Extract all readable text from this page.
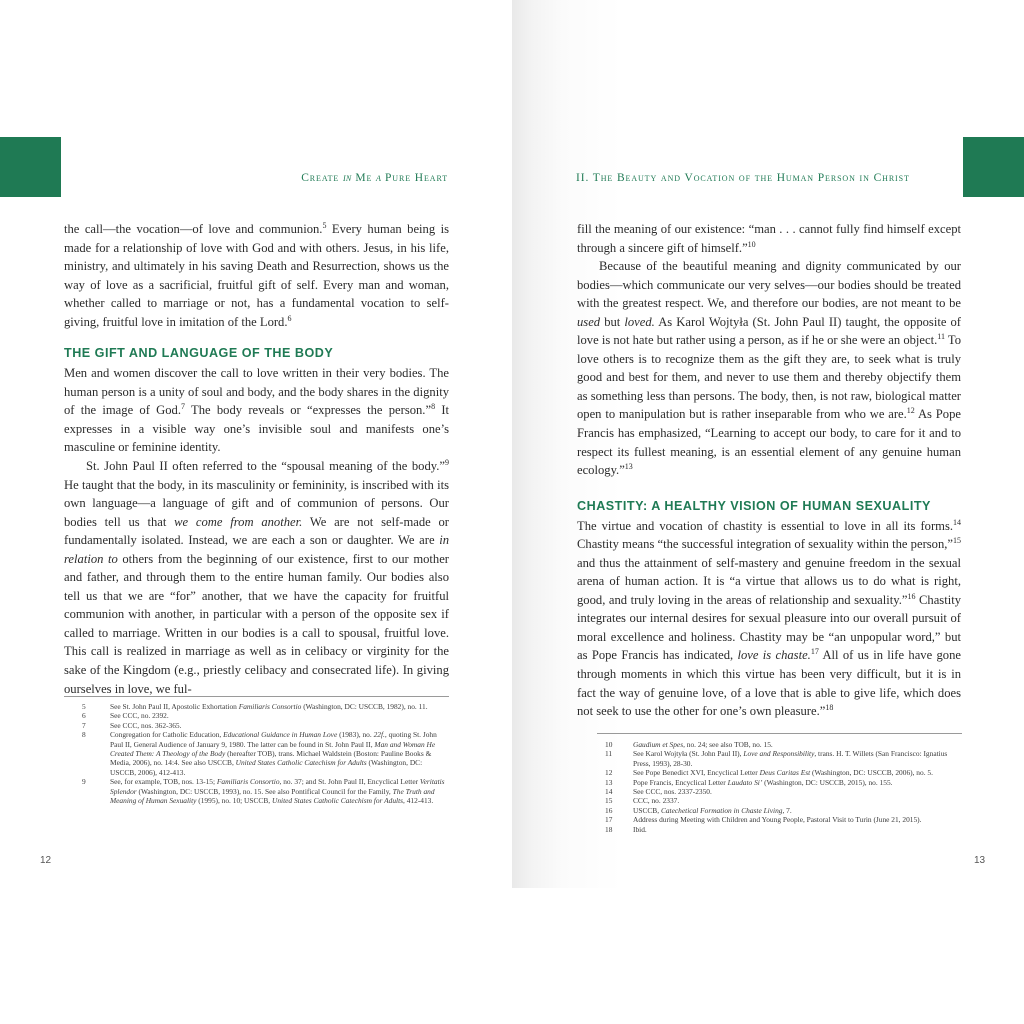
Create in Me a Pure Heart

the call—the vocation—of love and communion.$^5$ Every human being is made for a relationship of love with God and with others. Jesus, in his life, ministry, and ultimately in his saving Death and Resurrection, shows us the way of love as a sacrificial, fruitful gift of self. Every man and woman, whether called to marriage or not, has a fundamental vocation to self-giving, fruitful love in imitation of the Lord.$^6$

THE GIFT AND LANGUAGE OF THE BODY

Men and women discover the call to love written in their very bodies. The human person is a unity of soul and body, and the body shares in the dignity of the image of God.$^7$ The body reveals or “expresses the person.”$^8$ It expresses in a visible way one’s invisible soul and manifests one’s masculine or feminine identity.

St. John Paul II often referred to the “spousal meaning of the body.”$^9$ He taught that the body, in its masculinity or femininity, is inscribed with its own language—a language of gift and of communion of persons. Our bodies tell us that we come from another. We are not self-made or fundamentally isolated. Instead, we are each a son or daughter. We are in relation to others from the beginning of our existence, first to our mother and father, and through them to the entire human family. Our bodies also tell us that we are “for” another, that we have the capacity for fruitful communion with another, in particular with a person of the opposite sex if called to marriage. Written in our bodies is a call to spousal, fruitful love. This call is realized in marriage as well as in celibacy or virginity for the sake of the Kingdom (e.g., priestly celibacy and consecrated life). In giving ourselves in love, we ful-

5	See St. John Paul II, Apostolic Exhortation Familiaris Consortio (Washington, DC: USCCB, 1982), no. 11.
6	See CCC, no. 2392.
7	See CCC, nos. 362-365.
8	Congregation for Catholic Education, Educational Guidance in Human Love (1983), no. 22f., quoting St. John Paul II, General Audience of January 9, 1980. The latter can be found in St. John Paul II, Man and Woman He Created Them: A Theology of the Body (hereafter TOB), trans. Michael Waldstein (Boston: Pauline Books & Media, 2006), no. 14:4. See also USCCB, United States Catholic Catechism for Adults (Washington, DC: USCCB, 2006), 412-413.
9	See, for example, TOB, nos. 13-15; Familiaris Consortio, no. 37; and St. John Paul II, Encyclical Letter Veritatis Splendor (Washington, DC: USCCB, 1993), no. 15. See also Pontifical Council for the Family, The Truth and Meaning of Human Sexuality (1995), no. 10; USCCB, United States Catholic Catechism for Adults, 412-413.
12
II. The Beauty and Vocation of the Human Person in Christ

fill the meaning of our existence: “man . . . cannot fully find himself except through a sincere gift of himself.”$^{10}$

Because of the beautiful meaning and dignity communicated by our bodies—which communicate our very selves—our bodies should be treated with the greatest respect. We, and therefore our bodies, are not meant to be used but loved. As Karol Wojtyła (St. John Paul II) taught, the opposite of love is not hate but rather using a person, as if he or she were an object.$^{11}$ To love others is to recognize them as the gift they are, to seek what is truly good and best for them, and never to use them and thereby objectify them as something less than persons. The body, then, is not raw, biological matter open to manipulation but is rather inseparable from who we are.$^{12}$ As Pope Francis has emphasized, “Learning to accept our body, to care for it and to respect its fullest meaning, is an essential element of any genuine human ecology.”$^{13}$

CHASTITY: A HEALTHY VISION OF HUMAN SEXUALITY

The virtue and vocation of chastity is essential to love in all its forms.$^{14}$ Chastity means “the successful integration of sexuality within the person,”$^{15}$ and thus the attainment of self-mastery and genuine freedom in the sexual arena of human action. It is “a virtue that allows us to do what is right, good, and truly loving in the areas of relationship and sexuality.”$^{16}$ Chastity integrates our internal desires for sexual pleasure into our overall pursuit of moral excellence and holiness. Chastity may be “an unpopular word,” but as Pope Francis has indicated, love is chaste.$^{17}$ All of us in life have gone through moments in which this virtue has been very difficult, but it is in fact the way of genuine love, of a love that is able to give life, which does not seek to use the other for one’s own pleasure.”$^{18}$

10	Gaudium et Spes, no. 24; see also TOB, no. 15.
11	See Karol Wojtyła (St. John Paul II), Love and Responsibility, trans. H. T. Willets (San Francisco: Ignatius Press, 1993), 28-30.
12	See Pope Benedict XVI, Encyclical Letter Deus Caritas Est (Washington, DC: USCCB, 2006), no. 5.
13	Pope Francis, Encyclical Letter Laudato Si’ (Washington, DC: USCCB, 2015), no. 155.
14	See CCC, nos. 2337-2350.
15	CCC, no. 2337.
16	USCCB, Catechetical Formation in Chaste Living, 7.
17	Address during Meeting with Children and Young People, Pastoral Visit to Turin (June 21, 2015).
18	Ibid.
13
